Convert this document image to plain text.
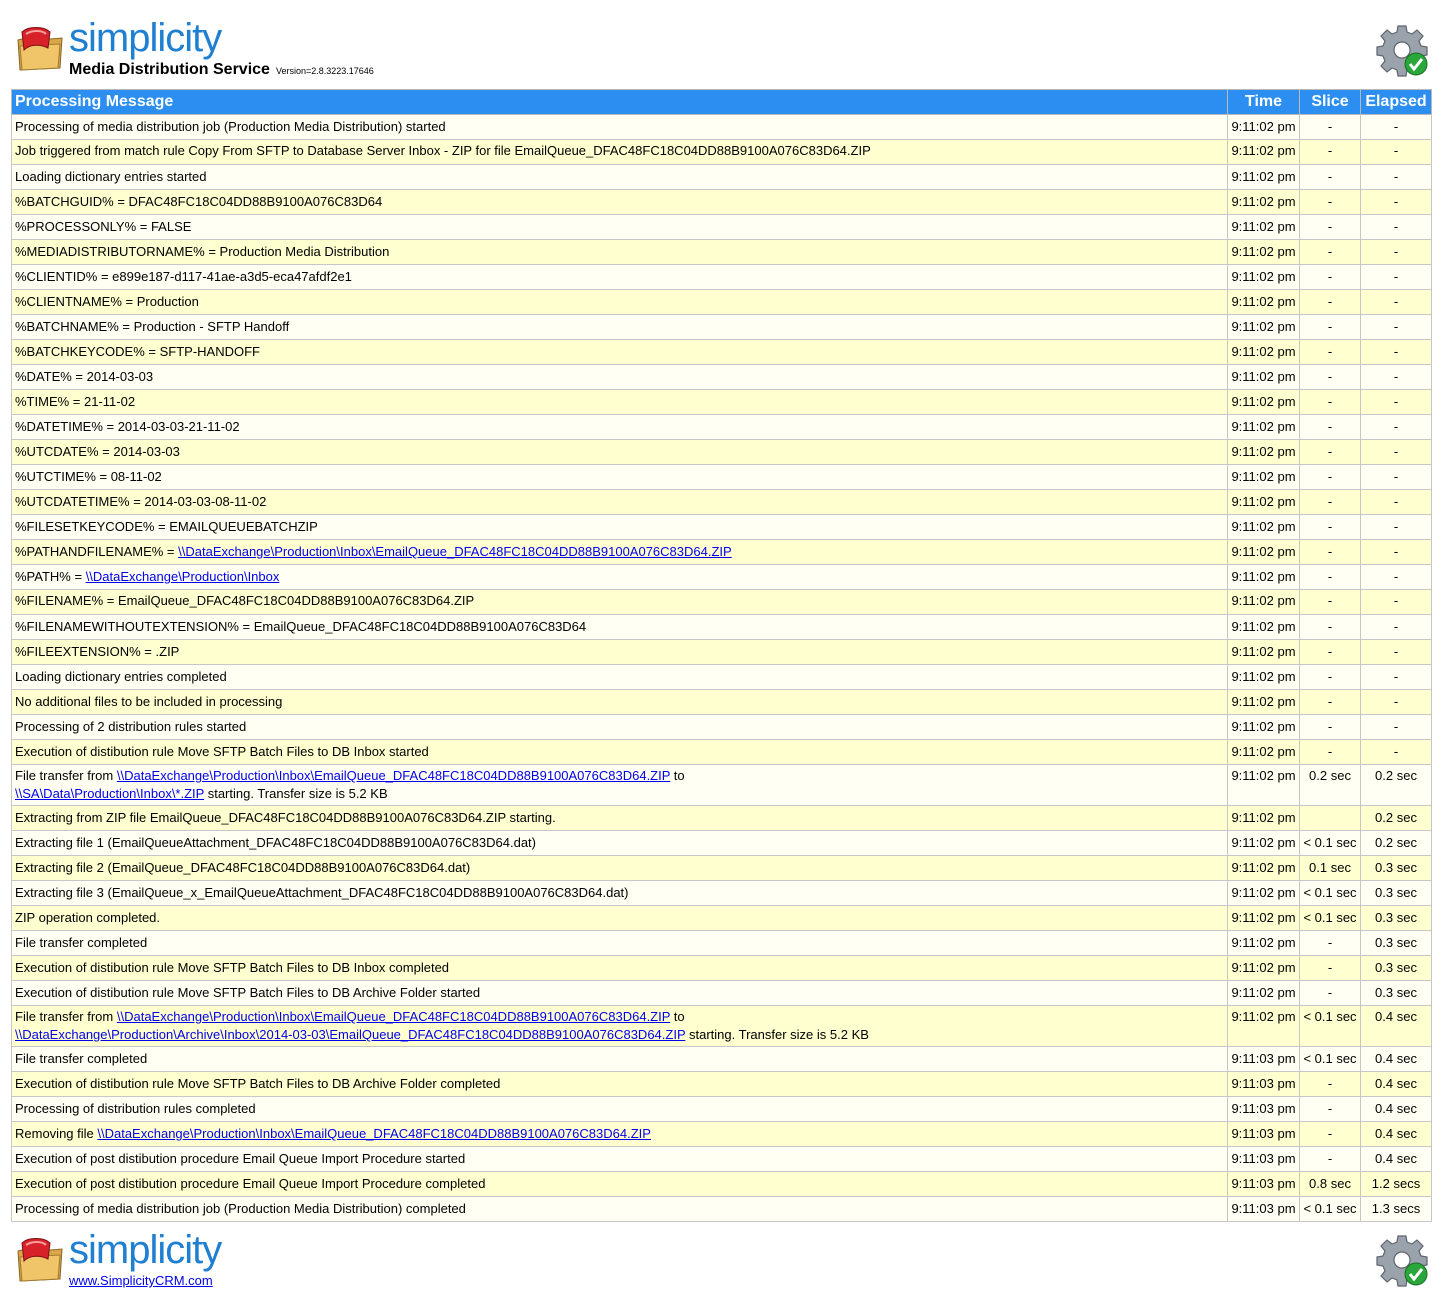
simplicity
Media Distribution Service Version=2.8.3223.17646
Processing Message	Time	Slice	Elapsed
Processing of media distribution job (Production Media Distribution) started	9:11:02 pm	-	-
Job triggered from match rule Copy From SFTP to Database Server Inbox - ZIP for file EmailQueue_DFAC48FC18C04DD88B9100A076C83D64.ZIP	9:11:02 pm	-	-
Loading dictionary entries started	9:11:02 pm	-	-
%BATCHGUID% = DFAC48FC18C04DD88B9100A076C83D64	9:11:02 pm	-	-
%PROCESSONLY% = FALSE	9:11:02 pm	-	-
%MEDIADISTRIBUTORNAME% = Production Media Distribution	9:11:02 pm	-	-
%CLIENTID% = e899e187-d117-41ae-a3d5-eca47afdf2e1	9:11:02 pm	-	-
%CLIENTNAME% = Production	9:11:02 pm	-	-
%BATCHNAME% = Production - SFTP Handoff	9:11:02 pm	-	-
%BATCHKEYCODE% = SFTP-HANDOFF	9:11:02 pm	-	-
%DATE% = 2014-03-03	9:11:02 pm	-	-
%TIME% = 21-11-02	9:11:02 pm	-	-
%DATETIME% = 2014-03-03-21-11-02	9:11:02 pm	-	-
%UTCDATE% = 2014-03-03	9:11:02 pm	-	-
%UTCTIME% = 08-11-02	9:11:02 pm	-	-
%UTCDATETIME% = 2014-03-03-08-11-02	9:11:02 pm	-	-
%FILESETKEYCODE% = EMAILQUEUEBATCHZIP	9:11:02 pm	-	-
%PATHANDFILENAME% = \\DataExchange\Production\Inbox\EmailQueue_DFAC48FC18C04DD88B9100A076C83D64.ZIP	9:11:02 pm	-	-
%PATH% = \\DataExchange\Production\Inbox	9:11:02 pm	-	-
%FILENAME% = EmailQueue_DFAC48FC18C04DD88B9100A076C83D64.ZIP	9:11:02 pm	-	-
%FILENAMEWITHOUTEXTENSION% = EmailQueue_DFAC48FC18C04DD88B9100A076C83D64	9:11:02 pm	-	-
%FILEEXTENSION% = .ZIP	9:11:02 pm	-	-
Loading dictionary entries completed	9:11:02 pm	-	-
No additional files to be included in processing	9:11:02 pm	-	-
Processing of 2 distribution rules started	9:11:02 pm	-	-
Execution of distibution rule Move SFTP Batch Files to DB Inbox started	9:11:02 pm	-	-
File transfer from \\DataExchange\Production\Inbox\EmailQueue_DFAC48FC18C04DD88B9100A076C83D64.ZIP to
\\SA\Data\Production\Inbox\*.ZIP starting. Transfer size is 5.2 KB	9:11:02 pm	0.2 sec	0.2 sec
Extracting from ZIP file EmailQueue_DFAC48FC18C04DD88B9100A076C83D64.ZIP starting.	9:11:02 pm		0.2 sec
Extracting file 1 (EmailQueueAttachment_DFAC48FC18C04DD88B9100A076C83D64.dat)	9:11:02 pm	< 0.1 sec	0.2 sec
Extracting file 2 (EmailQueue_DFAC48FC18C04DD88B9100A076C83D64.dat)	9:11:02 pm	0.1 sec	0.3 sec
Extracting file 3 (EmailQueue_x_EmailQueueAttachment_DFAC48FC18C04DD88B9100A076C83D64.dat)	9:11:02 pm	< 0.1 sec	0.3 sec
ZIP operation completed.	9:11:02 pm	< 0.1 sec	0.3 sec
File transfer completed	9:11:02 pm	-	0.3 sec
Execution of distibution rule Move SFTP Batch Files to DB Inbox completed	9:11:02 pm	-	0.3 sec
Execution of distibution rule Move SFTP Batch Files to DB Archive Folder started	9:11:02 pm	-	0.3 sec
File transfer from \\DataExchange\Production\Inbox\EmailQueue_DFAC48FC18C04DD88B9100A076C83D64.ZIP to
\\DataExchange\Production\Archive\Inbox\2014-03-03\EmailQueue_DFAC48FC18C04DD88B9100A076C83D64.ZIP starting. Transfer size is 5.2 KB	9:11:02 pm	< 0.1 sec	0.4 sec
File transfer completed	9:11:03 pm	< 0.1 sec	0.4 sec
Execution of distibution rule Move SFTP Batch Files to DB Archive Folder completed	9:11:03 pm	-	0.4 sec
Processing of distribution rules completed	9:11:03 pm	-	0.4 sec
Removing file \\DataExchange\Production\Inbox\EmailQueue_DFAC48FC18C04DD88B9100A076C83D64.ZIP	9:11:03 pm	-	0.4 sec
Execution of post distibution procedure Email Queue Import Procedure started	9:11:03 pm	-	0.4 sec
Execution of post distibution procedure Email Queue Import Procedure completed	9:11:03 pm	0.8 sec	1.2 secs
Processing of media distribution job (Production Media Distribution) completed	9:11:03 pm	< 0.1 sec	1.3 secs
simplicity
www.SimplicityCRM.com
